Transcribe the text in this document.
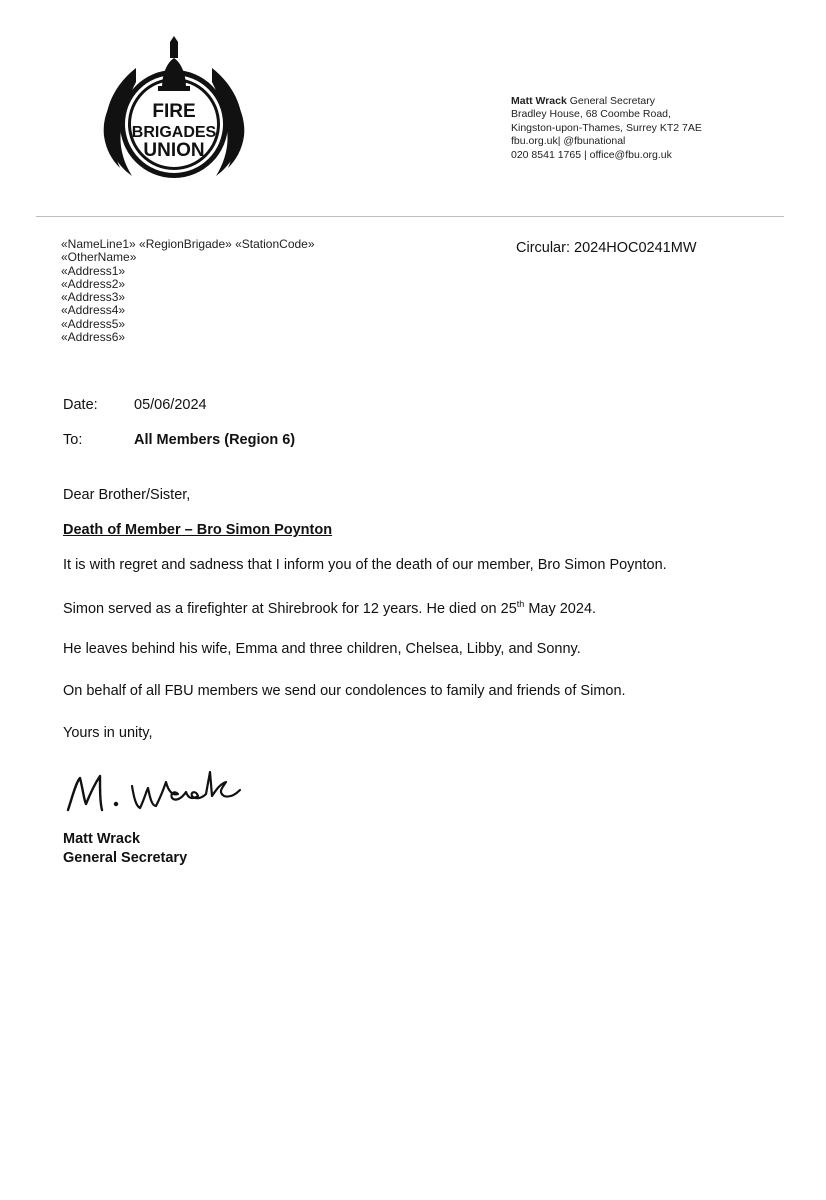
FIRE
BRIGADES
UNION
Matt Wrack General Secretary
Bradley House, 68 Coombe Road,
Kingston-upon-Thames, Surrey KT2 7AE
fbu.org.uk| @fbunational
020 8541 1765 | office@fbu.org.uk
«NameLine1» «RegionBrigade» «StationCode»
«OtherName»
«Address1»
«Address2»
«Address3»
«Address4»
«Address5»
«Address6»
Circular: 2024HOC0241MW
Date:	05/06/2024
To:	All Members (Region 6)
Dear Brother/Sister,
Death of Member – Bro Simon Poynton
It is with regret and sadness that I inform you of the death of our member, Bro Simon Poynton.
Simon served as a firefighter at Shirebrook for 12 years. He died on 25th May 2024.
He leaves behind his wife, Emma and three children, Chelsea, Libby, and Sonny.
On behalf of all FBU members we send our condolences to family and friends of Simon.
Yours in unity,
Matt Wrack
General Secretary
